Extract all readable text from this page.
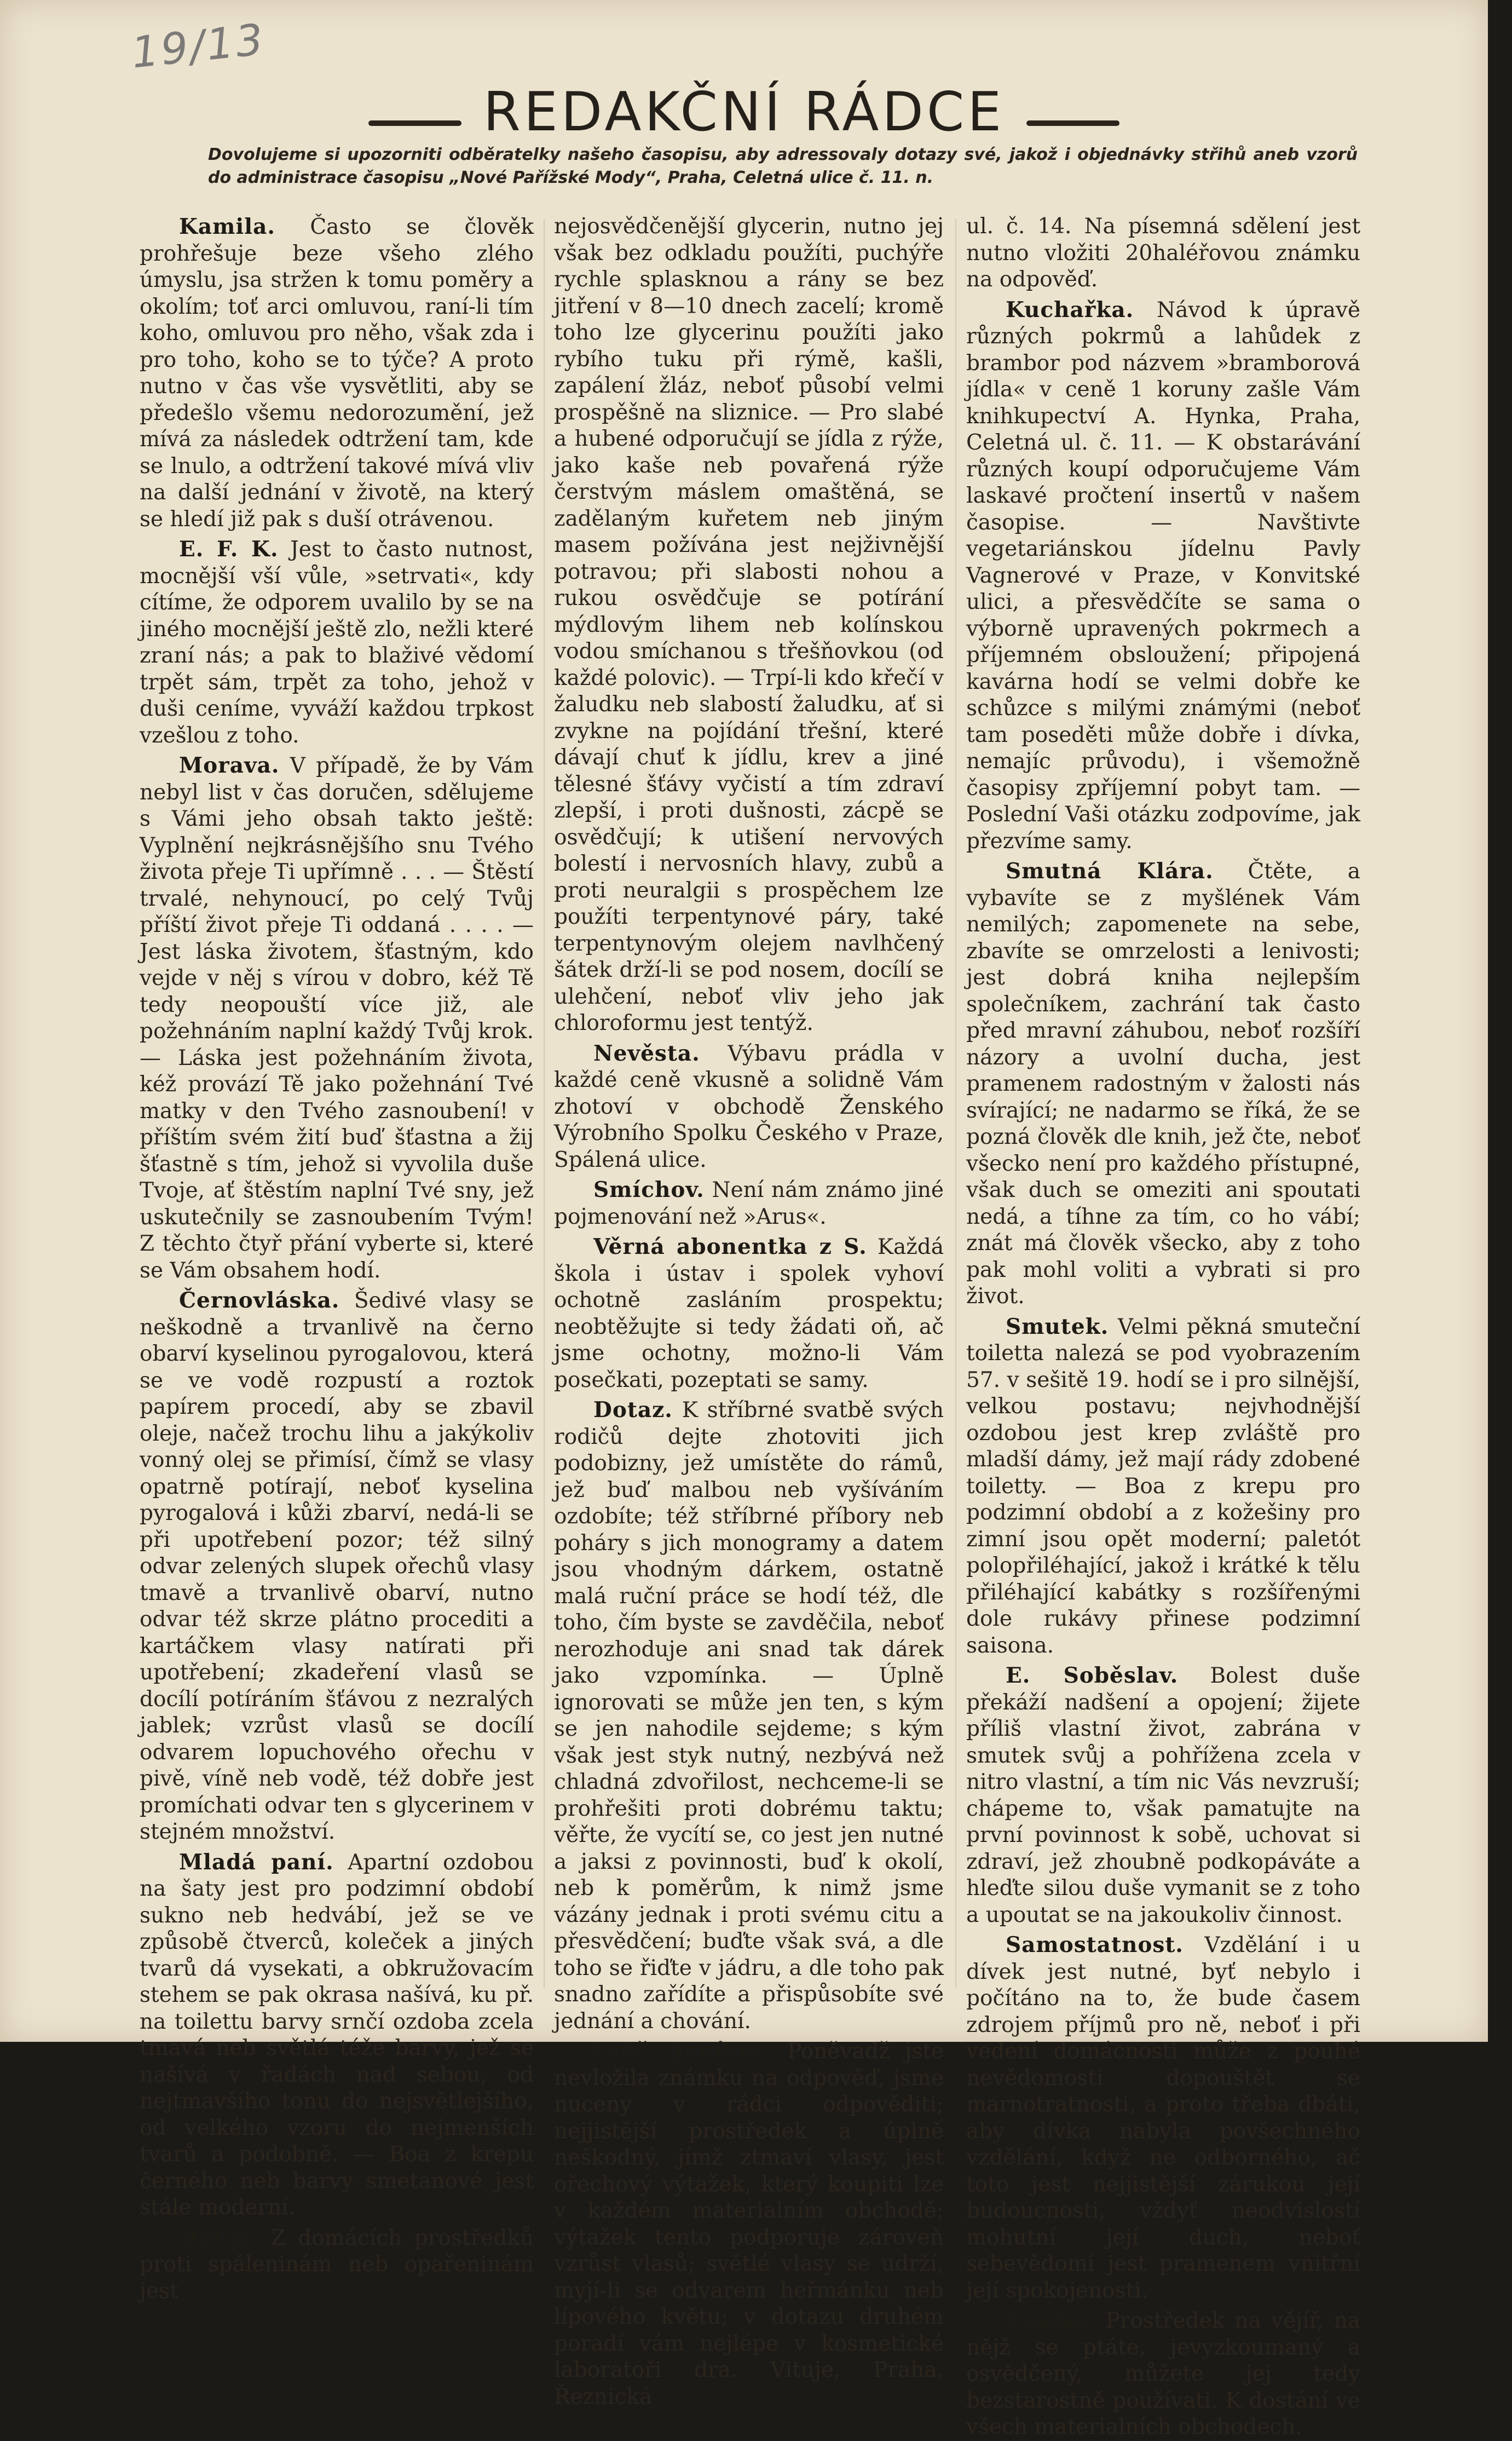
19/13
REDAKČNÍ RÁDCE
Dovolujeme si upozorniti odběratelky našeho časopisu, aby adressovaly dotazy své, jakož i objednávky střihů aneb vzorů do administrace časopisu „Nové Pařížské Mody“, Praha, Celetná ulice č. 11. n.

Kamila. Často se člověk prohřešuje beze všeho zlého úmyslu, jsa stržen k tomu poměry a okolím; toť arci omluvou, raní-li tím koho, omluvou pro něho, však zda i pro toho, koho se to týče? A proto nutno v čas vše vysvětliti, aby se předešlo všemu nedorozumění, jež mívá za následek odtržení tam, kde se lnulo, a odtržení takové mívá vliv na další jednání v životě, na který se hledí již pak s duší otrávenou.

E. F. K. Jest to často nutnost, mocnější vší vůle, »setrvati«, kdy cítíme, že odporem uvalilo by se na jiného mocnější ještě zlo, nežli které zraní nás; a pak to blaživé vědomí trpět sám, trpět za toho, jehož v duši ceníme, vyváží každou trpkost vzešlou z toho.

Morava. V případě, že by Vám nebyl list v čas doručen, sdělujeme s Vámi jeho obsah takto ještě: Vyplnění nejkrásnějšího snu Tvého života přeje Ti upřímně . . . — Štěstí trvalé, nehynoucí, po celý Tvůj příští život přeje Ti oddaná . . . . — Jest láska životem, šťastným, kdo vejde v něj s vírou v dobro, kéž Tě tedy neopouští více již, ale požehnáním naplní každý Tvůj krok. — Láska jest požehnáním života, kéž provází Tě jako požehnání Tvé matky v den Tvého zasnoubení! v příštím svém žití buď šťastna a žij šťastně s tím, jehož si vyvolila duše Tvoje, ať štěstím naplní Tvé sny, jež uskutečnily se zasnoubením Tvým! Z těchto čtyř přání vyberte si, které se Vám obsahem hodí.

Černovláska. Šedivé vlasy se neškodně a trvanlivě na černo obarví kyselinou pyrogalovou, která se ve vodě rozpustí a roztok papírem procedí, aby se zbavil oleje, načež trochu lihu a jakýkoliv vonný olej se přimísí, čímž se vlasy opatrně potírají, neboť kyselina pyrogalová i kůži zbarví, nedá-li se při upotřebení pozor; též silný odvar zelených slupek ořechů vlasy tmavě a trvanlivě obarví, nutno odvar též skrze plátno procediti a kartáčkem vlasy natírati při upotřebení; zkadeření vlasů se docílí potíráním šťávou z nezralých jablek; vzrůst vlasů se docílí odvarem lopuchového ořechu v pivě, víně neb vodě, též dobře jest promíchati odvar ten s glycerinem v stejném množství.

Mladá paní. Apartní ozdobou na šaty jest pro podzimní období sukno neb hedvábí, jež se ve způsobě čtverců, koleček a jiných tvarů dá vysekati, a obkružovacím stehem se pak okrasa našívá, ku př. na toilettu barvy srnčí ozdoba zcela tmavá neb světlá téže barvy, jež se našívá v řadách nad sebou, od nejtmavšího tonu do nejsvětlejšího, od velkého vzoru do nejmenších tvarů a podobně. — Boa z krepu černého neb barvy smetanové jest stále moderní.

Dotaz. Z domácích prostředků proti spáleninám neb opařeninám jest

nejosvědčenější glycerin, nutno jej však bez odkladu použíti, puchýře rychle splasknou a rány se bez jitření v 8—10 dnech zacelí; kromě toho lze glycerinu použíti jako rybího tuku při rýmě, kašli, zapálení žláz, neboť působí velmi prospěšně na sliznice. — Pro slabé a hubené odporučují se jídla z rýže, jako kaše neb povařená rýže čerstvým máslem omaštěná, se zadělaným kuřetem neb jiným masem požívána jest nejživnější potravou; při slabosti nohou a rukou osvědčuje se potírání mýdlovým lihem neb kolínskou vodou smíchanou s třešňovkou (od každé polovic). — Trpí-li kdo křečí v žaludku neb slabostí žaludku, ať si zvykne na pojídání třešní, které dávají chuť k jídlu, krev a jiné tělesné šťávy vyčistí a tím zdraví zlepší, i proti dušnosti, zácpě se osvědčují; k utišení nervových bolestí i nervosních hlavy, zubů a proti neuralgii s prospěchem lze použíti terpentynové páry, také terpentynovým olejem navlhčený šátek drží-li se pod nosem, docílí se ulehčení, neboť vliv jeho jak chloroformu jest tentýž.

Nevěsta. Výbavu prádla v každé ceně vkusně a solidně Vám zhotoví v obchodě Ženského Výrobního Spolku Českého v Praze, Spálená ulice.

Smíchov. Není nám známo jiné pojmenování než »Arus«.

Věrná abonentka z S. Každá škola i ústav i spolek vyhoví ochotně zasláním prospektu; neobtěžujte si tedy žádati oň, ač jsme ochotny, možno-li Vám posečkati, pozeptati se samy.

Dotaz. K stříbrné svatbě svých rodičů dejte zhotoviti jich podobizny, jež umístěte do rámů, jež buď malbou neb vyšíváním ozdobíte; též stříbrné příbory neb poháry s jich monogramy a datem jsou vhodným dárkem, ostatně malá ruční práce se hodí též, dle toho, čím byste se zavděčila, neboť nerozhoduje ani snad tak dárek jako vzpomínka. — Úplně ignorovati se může jen ten, s kým se jen nahodile sejdeme; s kým však jest styk nutný, nezbývá než chladná zdvořilost, nechceme-li se prohřešiti proti dobrému taktu; věřte, že vycítí se, co jest jen nutné a jaksi z povinnosti, buď k okolí, neb k poměrům, k nimž jsme vázány jednak i proti svému citu a přesvědčení; buďte však svá, a dle toho se řiďte v jádru, a dle toho pak snadno zařídíte a přispůsobíte své jednání a chování.

Golč. Jeníkov. Poněvadž jste nevložila známku na odpověď, jsme nuceny v rádci odpověditi; nejjistější prostředek a úplně neškodný, jímž ztmaví vlasy, jest ořechový výtažek, který koupiti lze v každém materialním obchodě; výtažek tento podporuje zároveň vzrůst vlasů; světlé vlasy se udrží, myjí-li se odvarem heřmánku neb lípového květu; v dotazu druhém poradí vám nejlépe v kosmetické laboratoři dra. Vituje, Praha, Řeznická

ul. č. 14. Na písemná sdělení jest nutno vložiti 20haléřovou známku na odpověď.

Kuchařka. Návod k úpravě různých pokrmů a lahůdek z brambor pod názvem »bramborová jídla« v ceně 1 koruny zašle Vám knihkupectví A. Hynka, Praha, Celetná ul. č. 11. — K obstarávání různých koupí odporučujeme Vám laskavé pročtení insertů v našem časopise. — Navštivte vegetariánskou jídelnu Pavly Vagnerové v Praze, v Konvitské ulici, a přesvědčíte se sama o výborně upravených pokrmech a příjemném obsloužení; připojená kavárna hodí se velmi dobře ke schůzce s milými známými (neboť tam poseděti může dobře i dívka, nemajíc průvodu), i všemožně časopisy zpříjemní pobyt tam. — Poslední Vaši otázku zodpovíme, jak přezvíme samy.

Smutná Klára. Čtěte, a vybavíte se z myšlének Vám nemilých; zapomenete na sebe, zbavíte se omrzelosti a lenivosti; jest dobrá kniha nejlepším společníkem, zachrání tak často před mravní záhubou, neboť rozšíří názory a uvolní ducha, jest pramenem radostným v žalosti nás svírající; ne nadarmo se říká, že se pozná člověk dle knih, jež čte, neboť všecko není pro každého přístupné, však duch se omeziti ani spoutati nedá, a tíhne za tím, co ho vábí; znát má člověk všecko, aby z toho pak mohl voliti a vybrati si pro život.

Smutek. Velmi pěkná smuteční toiletta nalezá se pod vyobrazením 57. v sešitě 19. hodí se i pro silnější, velkou postavu; nejvhodnější ozdobou jest krep zvláště pro mladší dámy, jež mají rády zdobené toiletty. — Boa z krepu pro podzimní období a z kožešiny pro zimní jsou opět moderní; paletót polopřiléhající, jakož i krátké k tělu přiléhající kabátky s rozšířenými dole rukávy přinese podzimní saisona.

E. Soběslav. Bolest duše překáží nadšení a opojení; žijete příliš vlastní život, zabrána v smutek svůj a pohřížena zcela v nitro vlastní, a tím nic Vás nevzruší; chápeme to, však pamatujte na první povinnost k sobě, uchovat si zdraví, jež zhoubně podkopáváte a hleďte silou duše vymanit se z toho a upoutat se na jakoukoliv činnost.

Samostatnost. Vzdělání i u dívek jest nutné, byť nebylo i počítáno na to, že bude časem zdrojem příjmů pro ně, neboť i při vedení domácnosti může z pouhé nevědomosti dopouštět se marnotratnosti, a proto třeba dbáti, aby dívka nabyla povšechného vzdělání, když ne odborného, ač toto jest nejjistější zárukou její budoucnosti, vždyť neodvislostí mohutní její duch, neboť sebevědomí jest pramenem vnitřní její spokojenosti.

Louisa. Prostředek na vějíř, na nějž se ptáte, jevyzkoumaný a osvědčený, můžete jej tedy bezstarostně používati. K dostání ve všech materialních obchodech.
